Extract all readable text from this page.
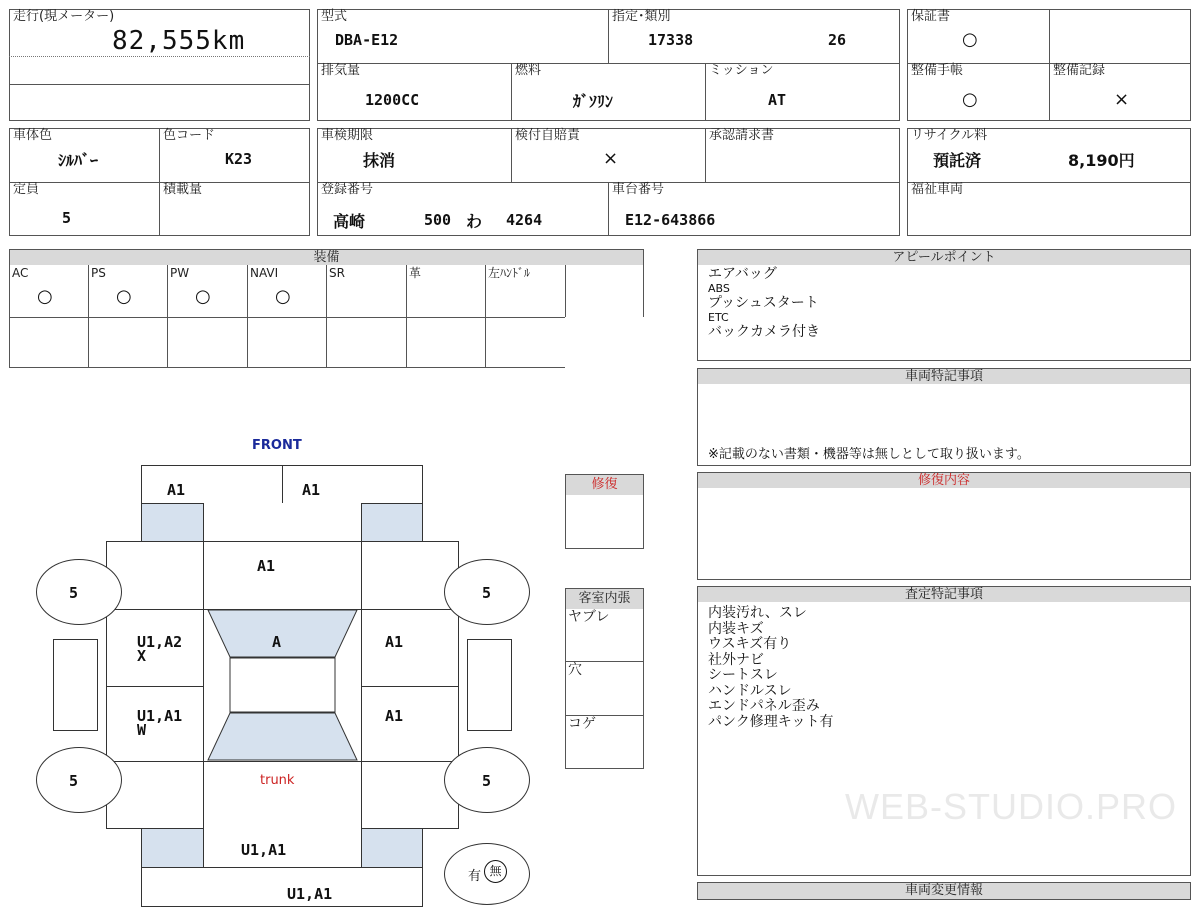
走行(現メーター)
82,555km
型式
DBA-E12
指定･類別
17338	26
排気量
1200CC
燃料
ｶﾞｿﾘﾝ
ミッション
AT
保証書
○
整備手帳
○
整備記録
×
車体色
ｼﾙﾊﾞｰ
色コード
K23
定員
5
積載量
車検期限
抹消
検付自賠責
×
承認請求書
登録番号
高崎	500 わ 4264
車台番号
E12-643866
リサイクル料
預託済	8,190円
福祉車両
装備
AC
○
PS
○
PW
○
NAVI
○
SR	革	左ﾊﾝﾄﾞﾙ
アピールポイント
エアバッグ
ABS
プッシュスタート
ETC
バックカメラ付き
車両特記事項
※記載のない書類・機器等は無しとして取り扱います。
修復内容
査定特記事項
内装汚れ、スレ
内装キズ
ウスキズ有り
社外ナビ
シートスレ
ハンドルスレ
エンドパネル歪み
パンク修理キット有
車両変更情報
WEB-STUDIO.PRO
修復
客室内張
ヤブレ
穴
コゲ
FRONT
A1	A1
A1
A
U1,A2
X
U1,A1
W
A1
A1
trunk
5	5
5	5
U1,A1
U1,A1
有 無
